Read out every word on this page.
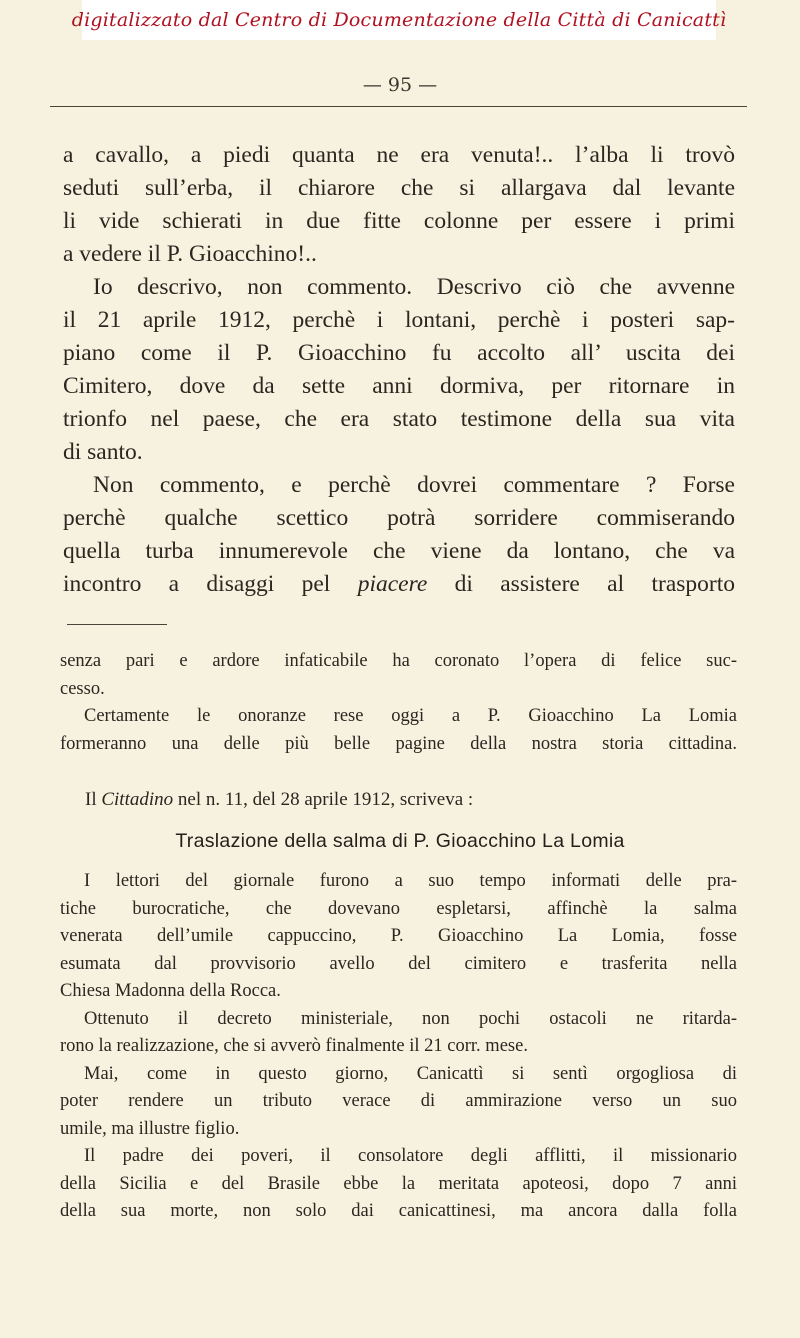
digitalizzato dal Centro di Documentazione della Città di Canicattì
— 95 —

a cavallo, a piedi quanta ne era venuta!.. l’alba li trovò

seduti sull’erba, il chiarore che si allargava dal levante

li vide schierati in due fitte colonne per essere i primi

a vedere il P. Gioacchino!..

Io descrivo, non commento. Descrivo ciò che avvenne

il 21 aprile 1912, perchè i lontani, perchè i posteri sap-

piano come il P. Gioacchino fu accolto all’ uscita dei

Cimitero, dove da sette anni dormiva, per ritornare in

trionfo nel paese, che era stato testimone della sua vita

di santo.

Non commento, e perchè dovrei commentare ? Forse

perchè qualche scettico potrà sorridere commiserando

quella turba innumerevole che viene da lontano, che va

incontro a disaggi pel piacere di assistere al trasporto

senza pari e ardore infaticabile ha coronato l’opera di felice suc-

cesso.

Certamente le onoranze rese oggi a P. Gioacchino La Lomia

formeranno una delle più belle pagine della nostra storia cittadina.

Il Cittadino nel n. 11, del 28 aprile 1912, scriveva :
Traslazione della salma di P. Gioacchino La Lomia

I lettori del giornale furono a suo tempo informati delle pra-

tiche burocratiche, che dovevano espletarsi, affinchè la salma

venerata dell’umile cappuccino, P. Gioacchino La Lomia, fosse

esumata dal provvisorio avello del cimitero e trasferita nella

Chiesa Madonna della Rocca.

Ottenuto il decreto ministeriale, non pochi ostacoli ne ritarda-

rono la realizzazione, che si avverò finalmente il 21 corr. mese.

Mai, come in questo giorno, Canicattì si sentì orgogliosa di

poter rendere un tributo verace di ammirazione verso un suo

umile, ma illustre figlio.

Il padre dei poveri, il consolatore degli afflitti, il missionario

della Sicilia e del Brasile ebbe la meritata apoteosi, dopo 7 anni

della sua morte, non solo dai canicattinesi, ma ancora dalla folla
